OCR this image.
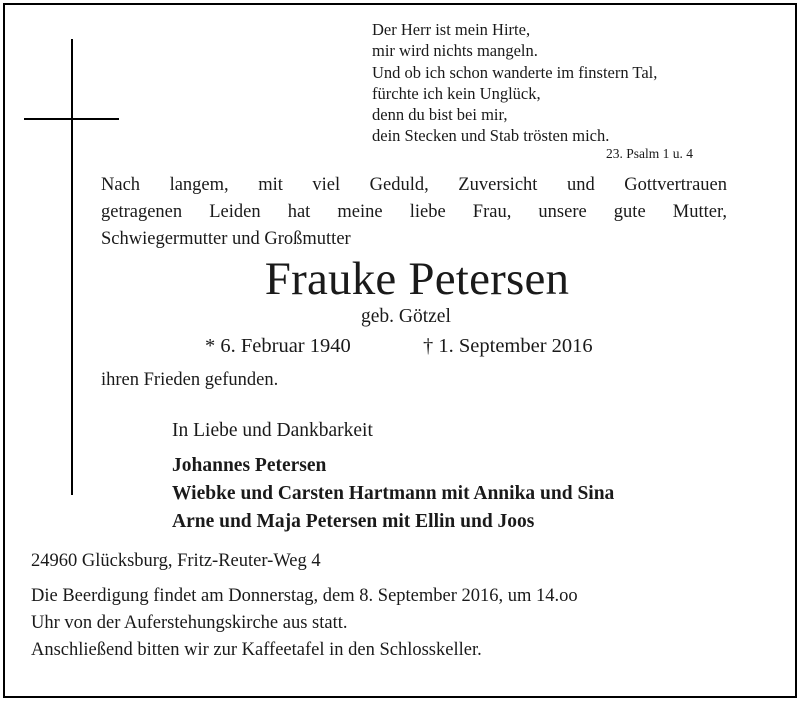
Der Herr ist mein Hirte,
mir wird nichts mangeln.
Und ob ich schon wanderte im finstern Tal,
fürchte ich kein Unglück,
denn du bist bei mir,
dein Stecken und Stab trösten mich.
23. Psalm 1 u. 4
Nach langem, mit viel Geduld, Zuversicht und Gottvertrauen
getragenen Leiden hat meine liebe Frau, unsere gute Mutter,
Schwiegermutter und Großmutter
Frauke Petersen
geb. Götzel
* 6. Februar 1940	† 1. September 2016
ihren Frieden gefunden.
In Liebe und Dankbarkeit
Johannes Petersen
Wiebke und Carsten Hartmann mit Annika und Sina
Arne und Maja Petersen mit Ellin und Joos
24960 Glücksburg, Fritz-Reuter-Weg 4
Die Beerdigung findet am Donnerstag, dem 8. September 2016, um 14.oo
Uhr von der Auferstehungskirche aus statt.
Anschließend bitten wir zur Kaffeetafel in den Schlosskeller.
